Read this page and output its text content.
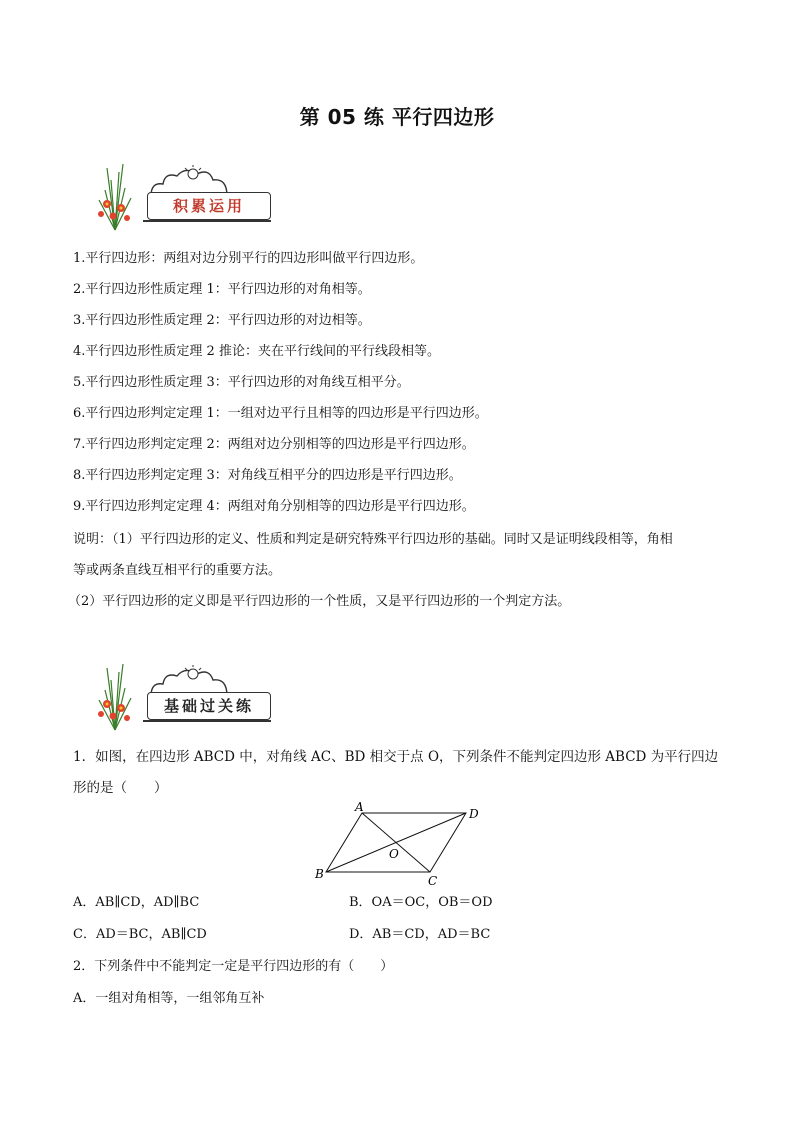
第 05 练 平行四边形
积累运用
1.平行四边形：两组对边分别平行的四边形叫做平行四边形。
2.平行四边形性质定理 1：平行四边形的对角相等。
3.平行四边形性质定理 2：平行四边形的对边相等。
4.平行四边形性质定理 2 推论：夹在平行线间的平行线段相等。
5.平行四边形性质定理 3：平行四边形的对角线互相平分。
6.平行四边形判定定理 1：一组对边平行且相等的四边形是平行四边形。
7.平行四边形判定定理 2：两组对边分别相等的四边形是平行四边形。
8.平行四边形判定定理 3：对角线互相平分的四边形是平行四边形。
9.平行四边形判定定理 4：两组对角分别相等的四边形是平行四边形。
说明：（1）平行四边形的定义、性质和判定是研究特殊平行四边形的基础。同时又是证明线段相等，角相
等或两条直线互相平行的重要方法。
（2）平行四边形的定义即是平行四边形的一个性质，又是平行四边形的一个判定方法。
基础过关练
1．如图，在四边形 ABCD 中，对角线 AC、BD 相交于点 O，下列条件不能判定四边形 ABCD 为平行四边形的是（　　）
A	D
B	C
O
A．AB∥CD，AD∥BC	B．OA＝OC，OB＝OD
C．AD＝BC，AB∥CD	D．AB＝CD，AD＝BC
2．下列条件中不能判定一定是平行四边形的有（　　）
A．一组对角相等，一组邻角互补
